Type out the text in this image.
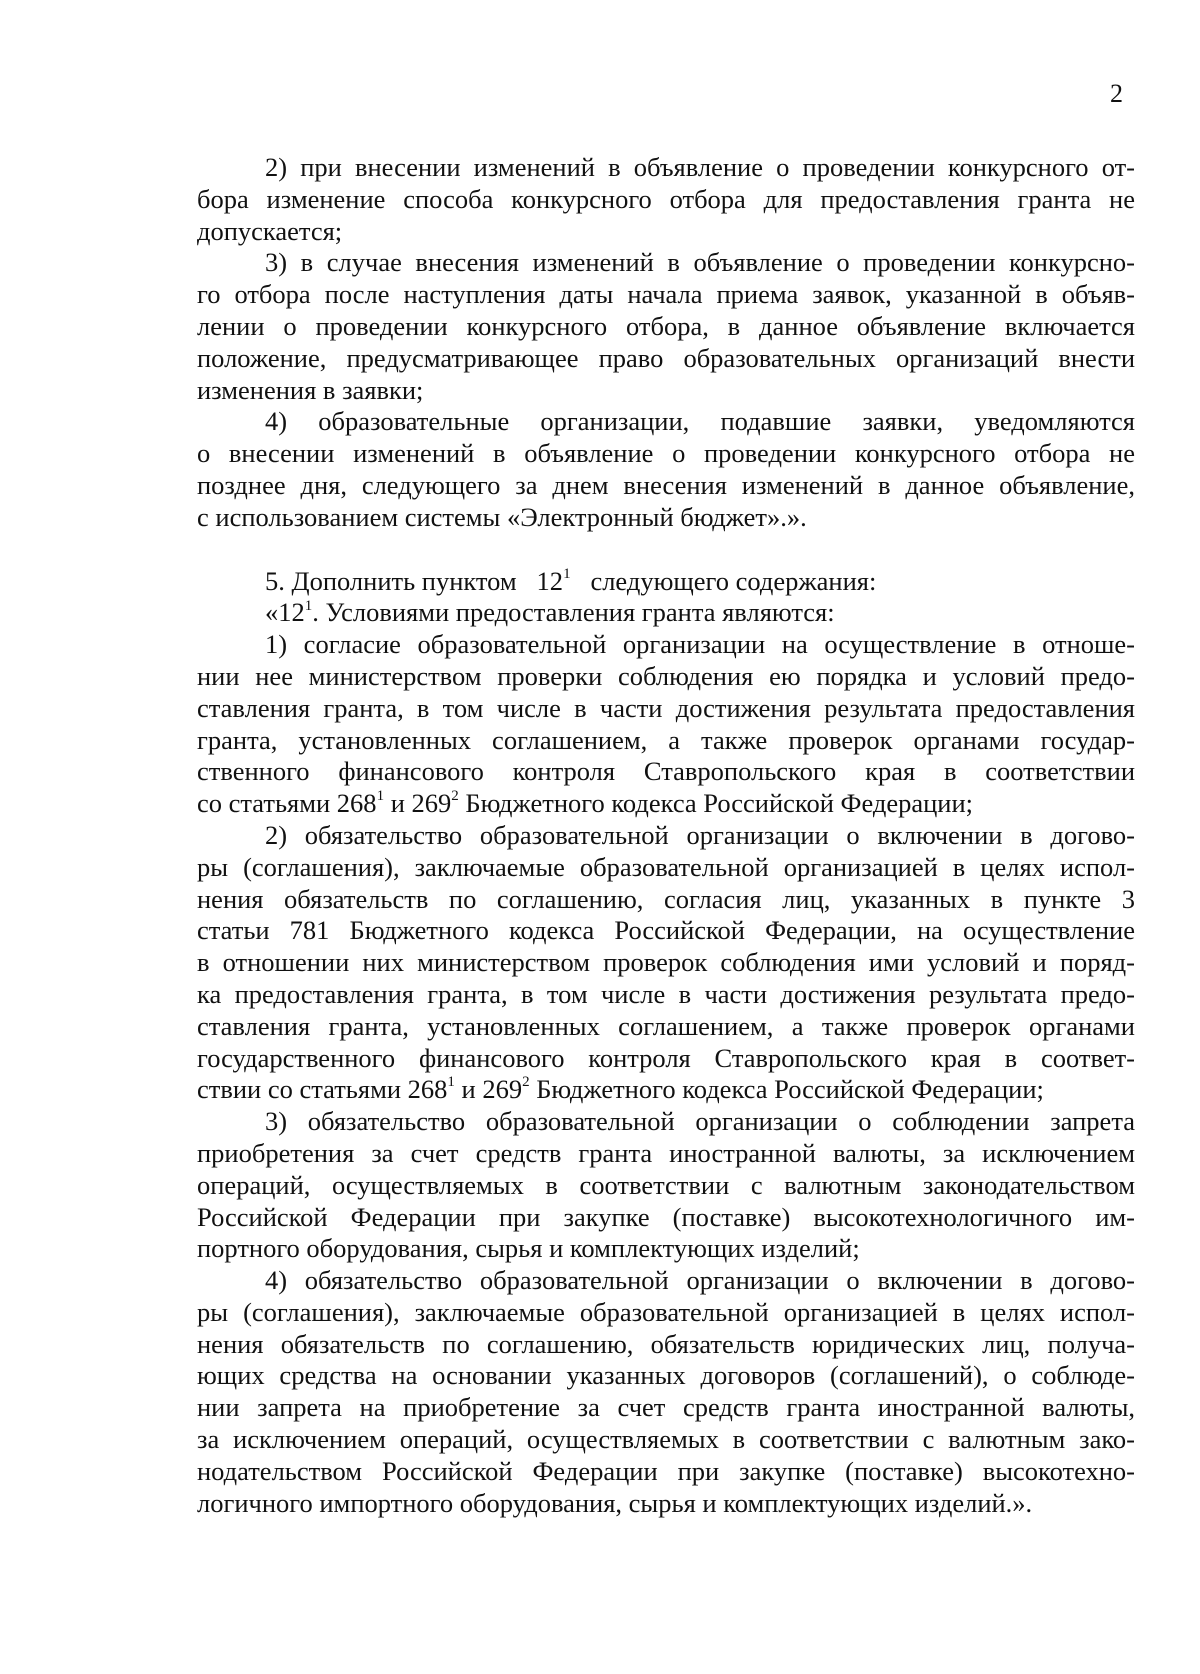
2
2) при внесении изменений в объявление о проведении конкурсного от-
бора изменение способа конкурсного отбора для предоставления гранта не
допускается;
3) в случае внесения изменений в объявление о проведении конкурсно-
го отбора после наступления даты начала приема заявок, указанной в объяв-
лении о проведении конкурсного отбора, в данное объявление включается
положение, предусматривающее право образовательных организаций внести
изменения в заявки;
4) образовательные организации, подавшие заявки, уведомляются
о внесении изменений в объявление о проведении конкурсного отбора не
позднее дня, следующего за днем внесения изменений в данное объявление,
с использованием системы «Электронный бюджет».».
5. Дополнить пунктом   $12^1$   следующего содержания:
«$12^1$. Условиями предоставления гранта являются:
1) согласие образовательной организации на осуществление в отноше-
нии нее министерством проверки соблюдения ею порядка и условий предо-
ставления гранта, в том числе в части достижения результата предоставления
гранта, установленных соглашением, а также проверок органами государ-
ственного финансового контроля Ставропольского края в соответствии
со статьями $268^1$ и $269^2$ Бюджетного кодекса Российской Федерации;
2) обязательство образовательной организации о включении в догово-
ры (соглашения), заключаемые образовательной организацией в целях испол-
нения обязательств по соглашению, согласия лиц, указанных в пункте 3
статьи 781 Бюджетного кодекса Российской Федерации, на осуществление
в отношении них министерством проверок соблюдения ими условий и поряд-
ка предоставления гранта, в том числе в части достижения результата предо-
ставления гранта, установленных соглашением, а также проверок органами
государственного финансового контроля Ставропольского края в соответ-
ствии со статьями $268^1$ и $269^2$ Бюджетного кодекса Российской Федерации;
3) обязательство образовательной организации о соблюдении запрета
приобретения за счет средств гранта иностранной валюты, за исключением
операций, осуществляемых в соответствии с валютным законодательством
Российской Федерации при закупке (поставке) высокотехнологичного им-
портного оборудования, сырья и комплектующих изделий;
4) обязательство образовательной организации о включении в догово-
ры (соглашения), заключаемые образовательной организацией в целях испол-
нения обязательств по соглашению, обязательств юридических лиц, получа-
ющих средства на основании указанных договоров (соглашений), о соблюде-
нии запрета на приобретение за счет средств гранта иностранной валюты,
за исключением операций, осуществляемых в соответствии с валютным зако-
нодательством Российской Федерации при закупке (поставке) высокотехно-
логичного импортного оборудования, сырья и комплектующих изделий.».
